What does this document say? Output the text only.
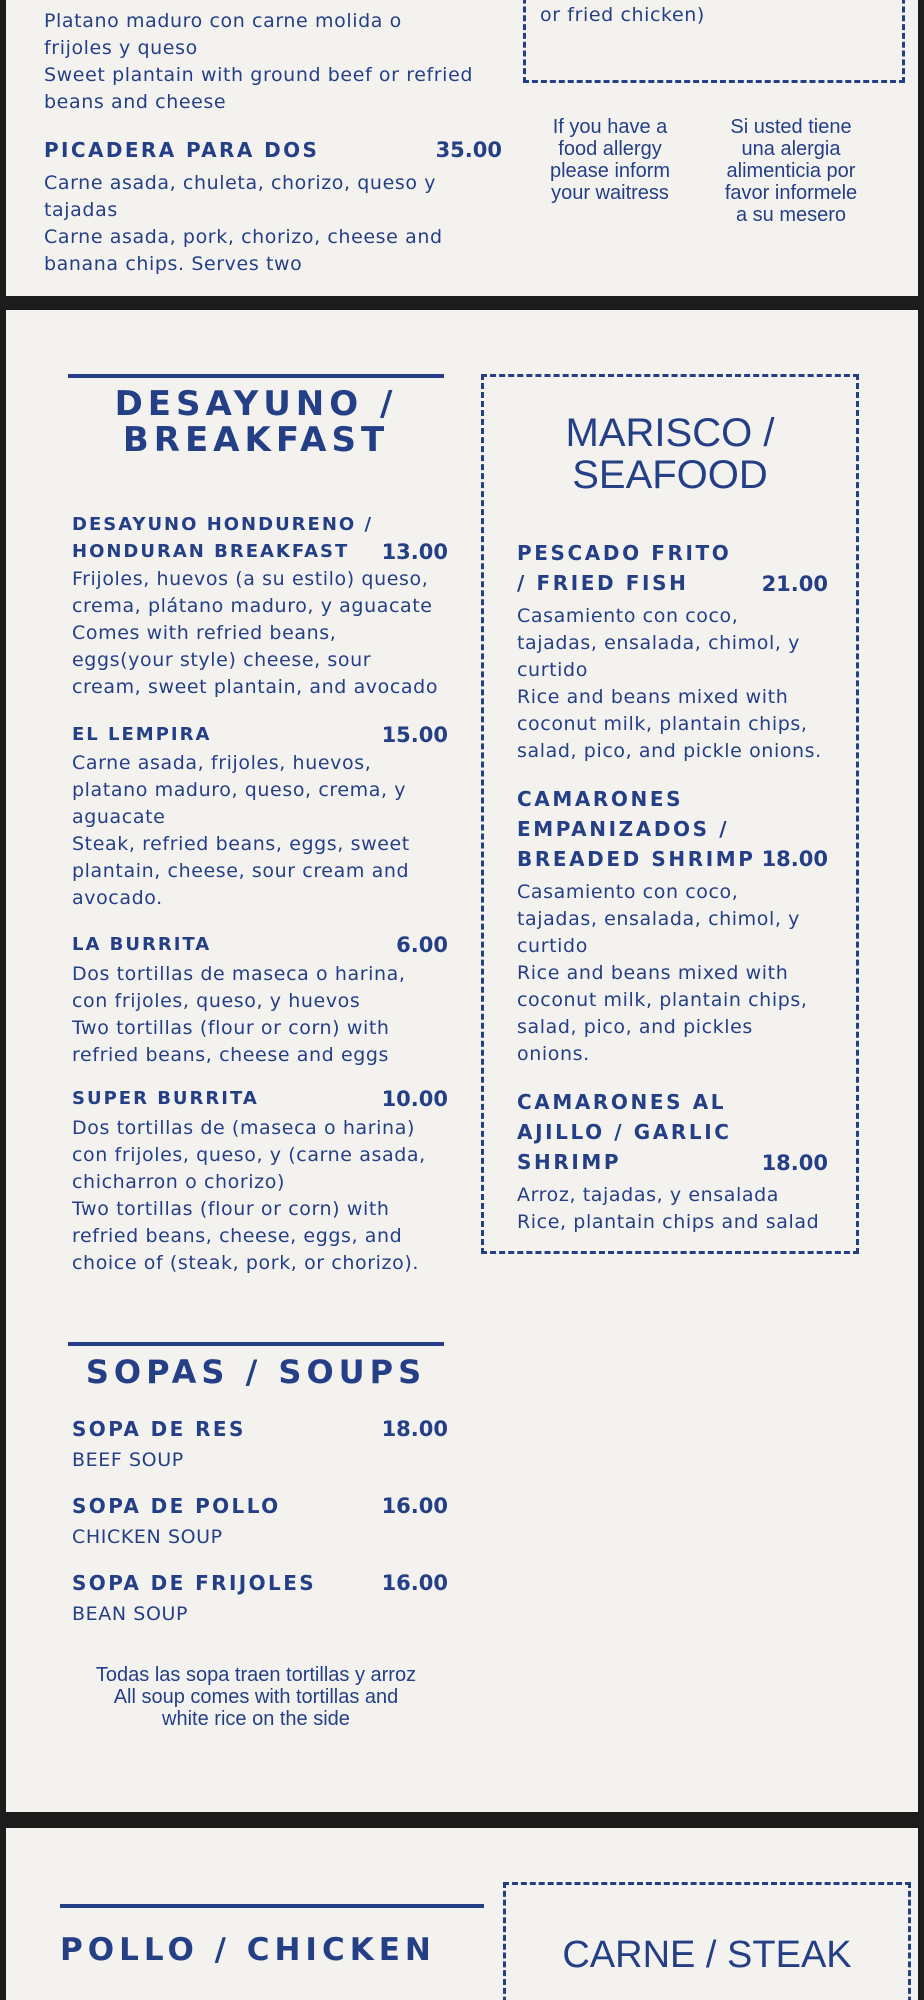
Platano maduro con carne molida o frijoles y queso
Sweet plantain with ground beef or refried beans and cheese
PICADERA PARA DOS	35.00
Carne asada, chuleta, chorizo, queso y tajadas
Carne asada, pork, chorizo, cheese and banana chips. Serves two
or fried chicken)
If you have a
food allergy
please inform
your waitress
Si usted tiene
una alergia
alimenticia por
favor informele
a su mesero
DESAYUNO /
BREAKFAST
DESAYUNO HONDURENO /
HONDURAN BREAKFAST	13.00
Frijoles, huevos (a su estilo) queso,
crema, plátano maduro, y aguacate
Comes with refried beans,
eggs(your style) cheese, sour
cream, sweet plantain, and avocado
EL LEMPIRA	15.00
Carne asada, frijoles, huevos,
platano maduro, queso, crema, y
aguacate
Steak, refried beans, eggs, sweet
plantain, cheese, sour cream and
avocado.
LA BURRITA	6.00
Dos tortillas de maseca o harina,
con frijoles, queso, y huevos
Two tortillas (flour or corn) with
refried beans, cheese and eggs
SUPER BURRITA	10.00
Dos tortillas de (maseca o harina)
con frijoles, queso, y (carne asada,
chicharron o chorizo)
Two tortillas (flour or corn) with
refried beans, cheese, eggs, and
choice of (steak, pork, or chorizo).
MARISCO /
SEAFOOD
PESCADO FRITO
/ FRIED FISH	21.00
Casamiento con coco,
tajadas, ensalada, chimol, y
curtido
Rice and beans mixed with
coconut milk, plantain chips,
salad, pico, and pickle onions.
CAMARONES
EMPANIZADOS /
BREADED SHRIMP 18.00
Casamiento con coco,
tajadas, ensalada, chimol, y
curtido
Rice and beans mixed with
coconut milk, plantain chips,
salad, pico, and pickles
onions.
CAMARONES AL
AJILLO / GARLIC
SHRIMP	18.00
Arroz, tajadas, y ensalada
Rice, plantain chips and salad
SOPAS / SOUPS
SOPA DE RES	18.00
BEEF SOUP
SOPA DE POLLO	16.00
CHICKEN SOUP
SOPA DE FRIJOLES	16.00
BEAN SOUP
Todas las sopa traen tortillas y arroz
All soup comes with tortillas and
white rice on the side
POLLO / CHICKEN	CARNE / STEAK
